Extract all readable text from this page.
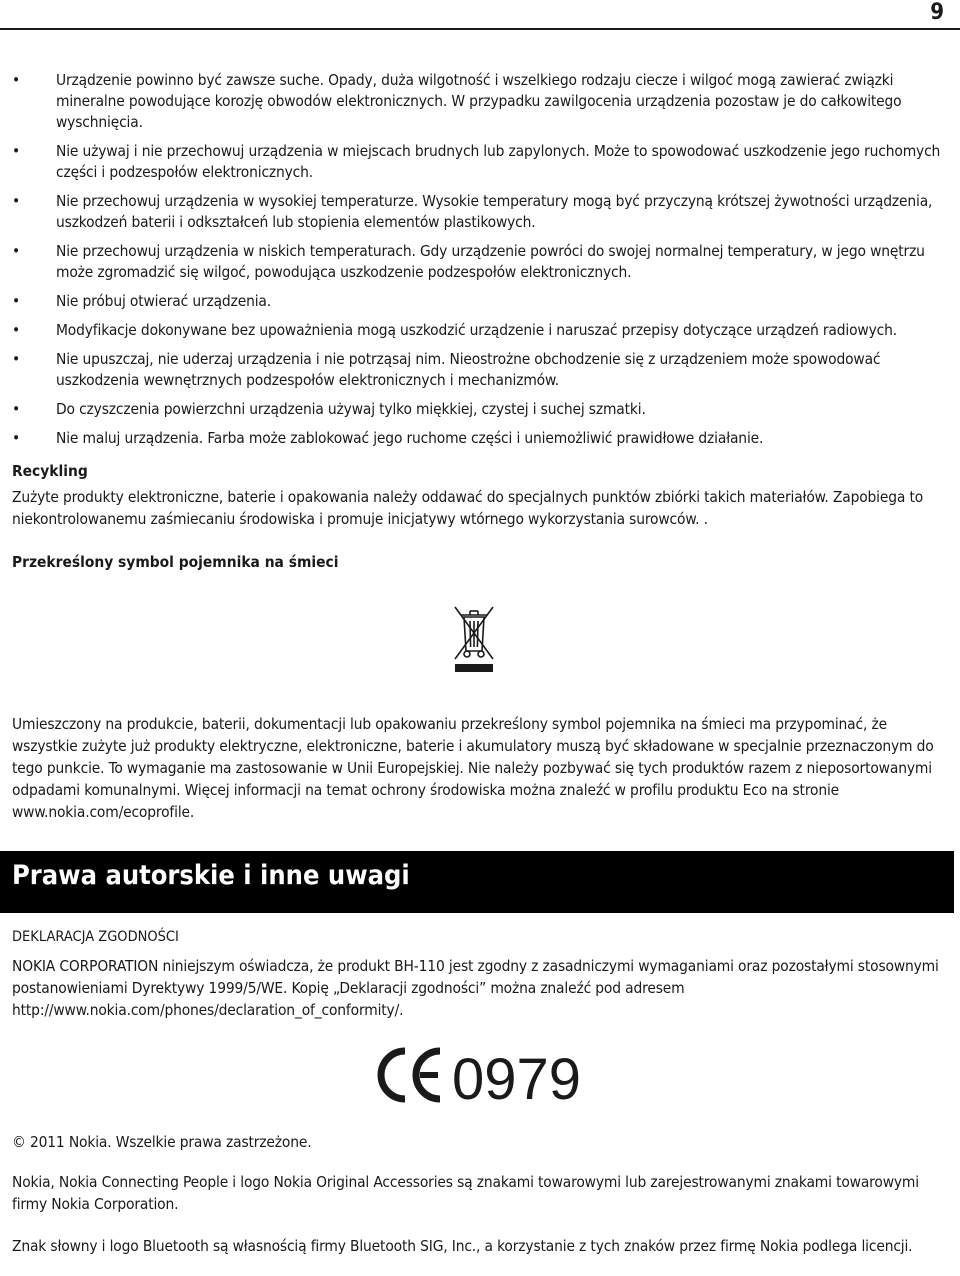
9
• Urządzenie powinno być zawsze suche. Opady, duża wilgotność i wszelkiego rodzaju ciecze i wilgoć mogą zawierać związki mineralne powodujące korozję obwodów elektronicznych. W przypadku zawilgocenia urządzenia pozostaw je do całkowitego wyschnięcia.
• Nie używaj i nie przechowuj urządzenia w miejscach brudnych lub zapylonych. Może to spowodować uszkodzenie jego ruchomych części i podzespołów elektronicznych.
• Nie przechowuj urządzenia w wysokiej temperaturze. Wysokie temperatury mogą być przyczyną krótszej żywotności urządzenia, uszkodzeń baterii i odkształceń lub stopienia elementów plastikowych.
• Nie przechowuj urządzenia w niskich temperaturach. Gdy urządzenie powróci do swojej normalnej temperatury, w jego wnętrzu może zgromadzić się wilgoć, powodująca uszkodzenie podzespołów elektronicznych.
• Nie próbuj otwierać urządzenia.
• Modyfikacje dokonywane bez upoważnienia mogą uszkodzić urządzenie i naruszać przepisy dotyczące urządzeń radiowych.
• Nie upuszczaj, nie uderzaj urządzenia i nie potrząsaj nim. Nieostrożne obchodzenie się z urządzeniem może spowodować uszkodzenia wewnętrznych podzespołów elektronicznych i mechanizmów.
• Do czyszczenia powierzchni urządzenia używaj tylko miękkiej, czystej i suchej szmatki.
• Nie maluj urządzenia. Farba może zablokować jego ruchome części i uniemożliwić prawidłowe działanie.
Recykling

Zużyte produkty elektroniczne, baterie i opakowania należy oddawać do specjalnych punktów zbiórki takich materiałów. Zapobiega to niekontrolowanemu zaśmiecaniu środowiska i promuje inicjatywy wtórnego wykorzystania surowców. .

Przekreślony symbol pojemnika na śmieci

Umieszczony na produkcie, baterii, dokumentacji lub opakowaniu przekreślony symbol pojemnika na śmieci ma przypominać, że wszystkie zużyte już produkty elektryczne, elektroniczne, baterie i akumulatory muszą być składowane w specjalnie przeznaczonym do tego punkcie. To wymaganie ma zastosowanie w Unii Europejskiej. Nie należy pozbywać się tych produktów razem z nieposortowanymi odpadami komunalnymi. Więcej informacji na temat ochrony środowiska można znaleźć w profilu produktu Eco na stronie www.nokia.com/ecoprofile.

Prawa autorskie i inne uwagi
DEKLARACJA ZGODNOŚCI

NOKIA CORPORATION niniejszym oświadcza, że produkt BH-110 jest zgodny z zasadniczymi wymaganiami oraz pozostałymi stosownymi postanowieniami Dyrektywy 1999/5/WE. Kopię „Deklaracji zgodności” można znaleźć pod adresem http://www.nokia.com/phones/declaration_of_conformity/.

0979

© 2011 Nokia. Wszelkie prawa zastrzeżone.

Nokia, Nokia Connecting People i logo Nokia Original Accessories są znakami towarowymi lub zarejestrowanymi znakami towarowymi firmy Nokia Corporation.

Znak słowny i logo Bluetooth są własnością firmy Bluetooth SIG, Inc., a korzystanie z tych znaków przez firmę Nokia podlega licencji.
